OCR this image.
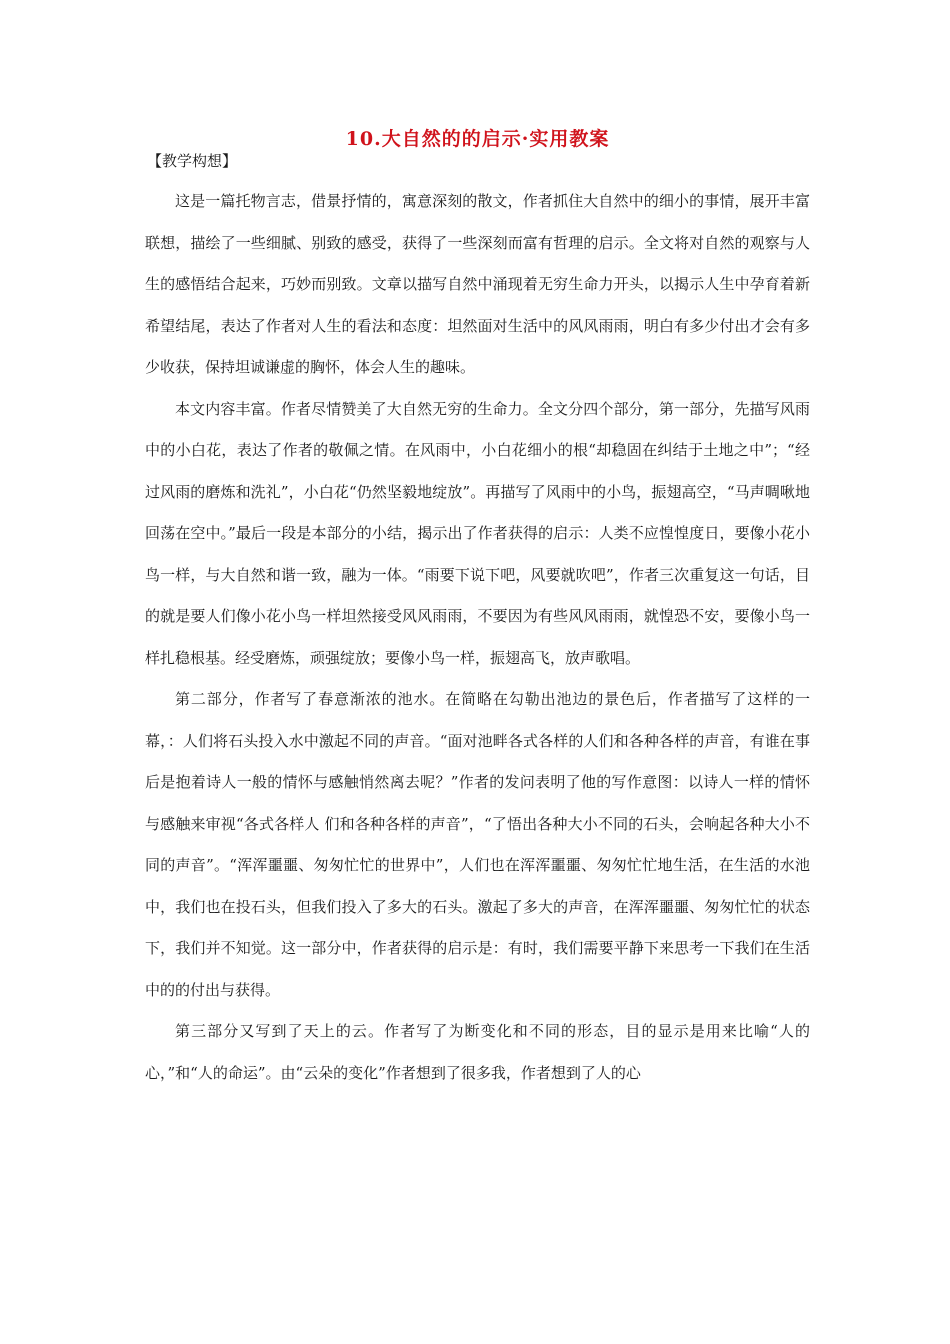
10.大自然的的启示·实用教案

【教学构想】

这是一篇托物言志，借景抒情的，寓意深刻的散文，作者抓住大自然中的细小的事情，展开丰富联想，描绘了一些细腻、别致的感受，获得了一些深刻而富有哲理的启示。全文将对自然的观察与人生的感悟结合起来，巧妙而别致。文章以描写自然中涌现着无穷生命力开头，以揭示人生中孕育着新希望结尾，表达了作者对人生的看法和态度：坦然面对生活中的风风雨雨，明白有多少付出才会有多少收获，保持坦诚谦虚的胸怀，体会人生的趣味。

本文内容丰富。作者尽情赞美了大自然无穷的生命力。全文分四个部分，第一部分，先描写风雨中的小白花，表达了作者的敬佩之情。在风雨中，小白花细小的根“却稳固在纠结于土地之中”；“经过风雨的磨炼和洗礼”，小白花“仍然坚毅地绽放”。再描写了风雨中的小鸟，振翅高空，“马声啁啾地回荡在空中。”最后一段是本部分的小结，揭示出了作者获得的启示：人类不应惶惶度日，要像小花小鸟一样，与大自然和谐一致，融为一体。“雨要下说下吧，风要就吹吧”，作者三次重复这一句话，目的就是要人们像小花小鸟一样坦然接受风风雨雨，不要因为有些风风雨雨，就惶恐不安，要像小鸟一样扎稳根基。经受磨炼，顽强绽放；要像小鸟一样，振翅高飞，放声歌唱。

第二部分，作者写了春意渐浓的池水。在简略在勾勒出池边的景色后，作者描写了这样的一幕，：人们将石头投入水中激起不同的声音。“面对池畔各式各样的人们和各种各样的声音，有谁在事后是抱着诗人一般的情怀与感触悄然离去呢？”作者的发问表明了他的写作意图：以诗人一样的情怀与感触来审视“各式各样人 们和各种各样的声音”，“了悟出各种大小不同的石头，会响起各种大小不同的声音”。“浑浑噩噩、匆匆忙忙的世界中”，人们也在浑浑噩噩、匆匆忙忙地生活，在生活的水池中，我们也在投石头，但我们投入了多大的石头。激起了多大的声音，在浑浑噩噩、匆匆忙忙的状态下，我们并不知觉。这一部分中，作者获得的启示是：有时，我们需要平静下来思考一下我们在生活中的的付出与获得。

第三部分又写到了天上的云。作者写了为断变化和不同的形态，目的显示是用来比喻“人的心，”和“人的命运”。由“云朵的变化”作者想到了很多我，作者想到了人的心
